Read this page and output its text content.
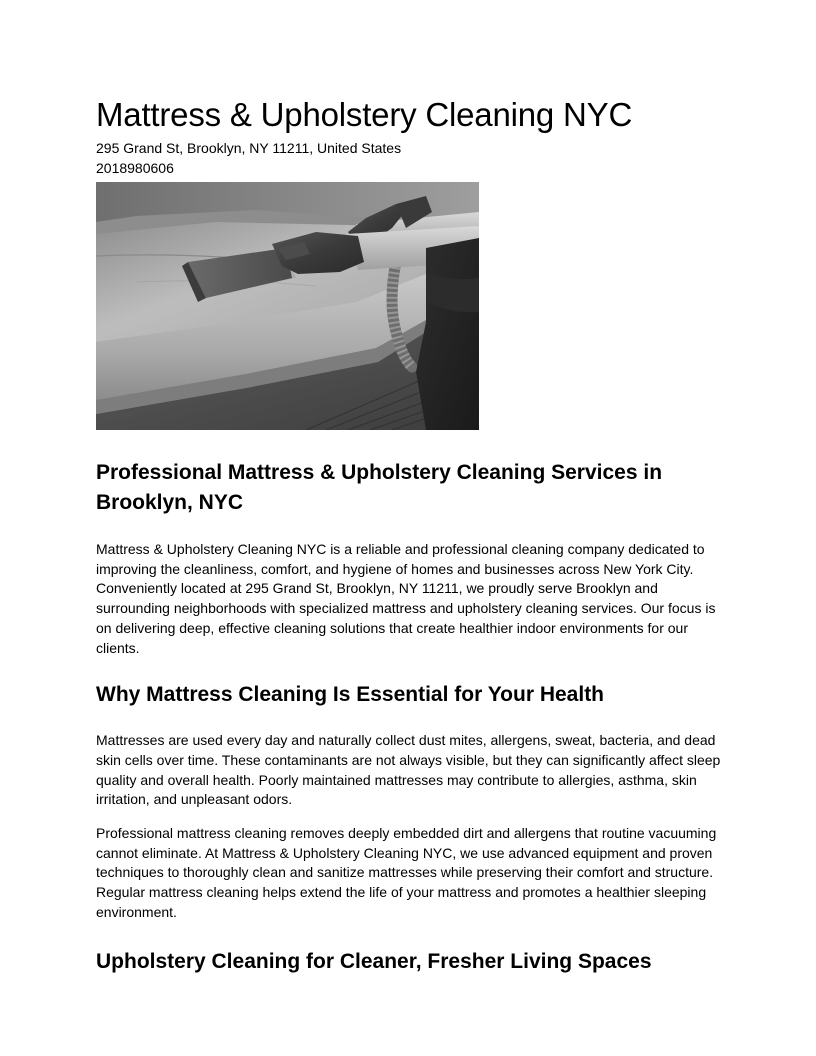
Mattress & Upholstery Cleaning NYC

295 Grand St, Brooklyn, NY 11211, United States

2018980606

Professional Mattress & Upholstery Cleaning Services in Brooklyn, NYC

Mattress & Upholstery Cleaning NYC is a reliable and professional cleaning company dedicated to improving the cleanliness, comfort, and hygiene of homes and businesses across New York City. Conveniently located at 295 Grand St, Brooklyn, NY 11211, we proudly serve Brooklyn and surrounding neighborhoods with specialized mattress and upholstery cleaning services. Our focus is on delivering deep, effective cleaning solutions that create healthier indoor environments for our clients.

Why Mattress Cleaning Is Essential for Your Health

Mattresses are used every day and naturally collect dust mites, allergens, sweat, bacteria, and dead skin cells over time. These contaminants are not always visible, but they can significantly affect sleep quality and overall health. Poorly maintained mattresses may contribute to allergies, asthma, skin irritation, and unpleasant odors.

Professional mattress cleaning removes deeply embedded dirt and allergens that routine vacuuming cannot eliminate. At Mattress & Upholstery Cleaning NYC, we use advanced equipment and proven techniques to thoroughly clean and sanitize mattresses while preserving their comfort and structure. Regular mattress cleaning helps extend the life of your mattress and promotes a healthier sleeping environment.

Upholstery Cleaning for Cleaner, Fresher Living Spaces
